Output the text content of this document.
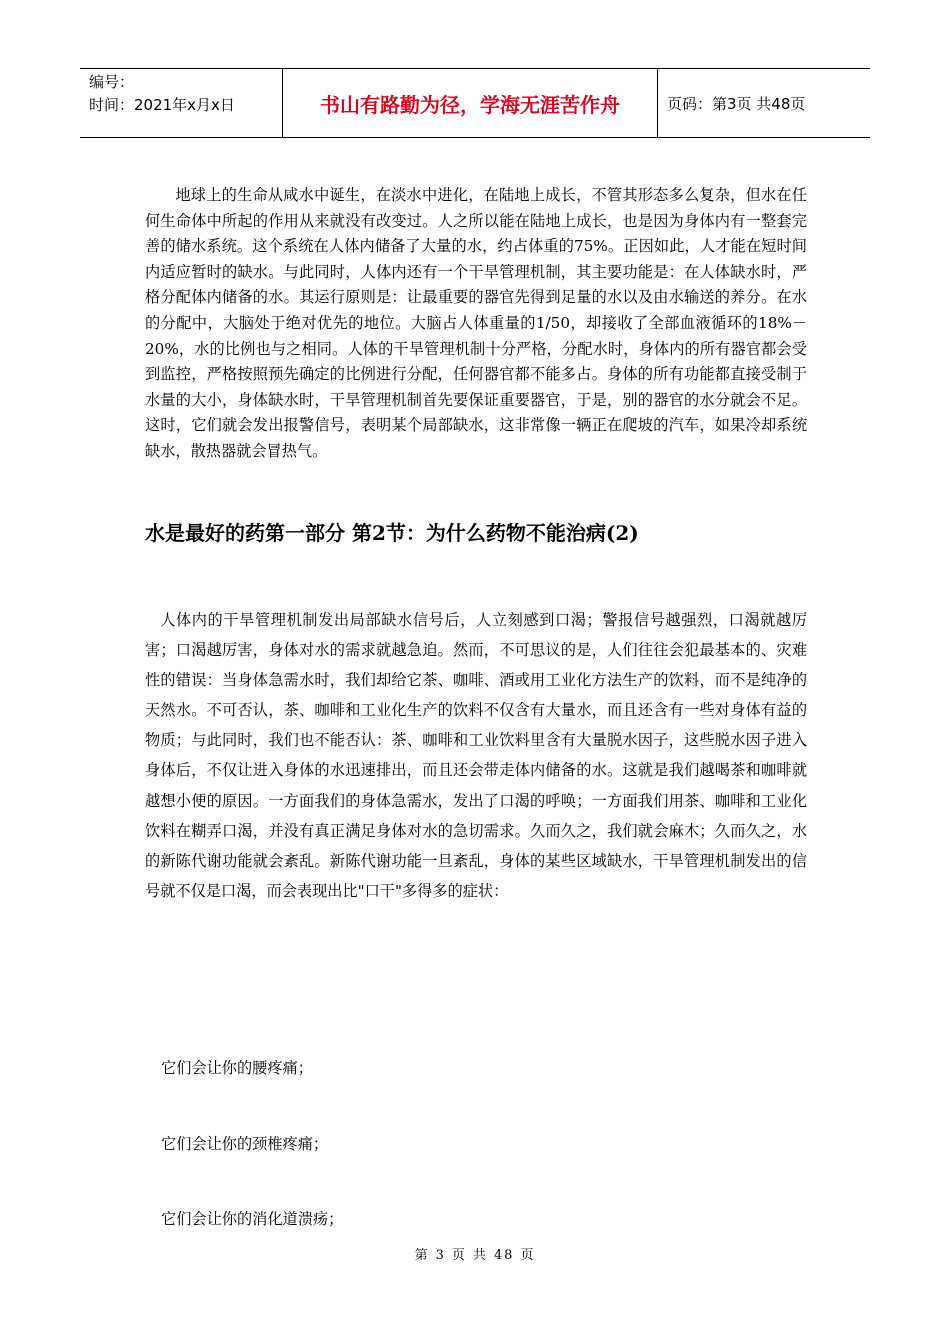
编号：
时间：2021年x月x日	书山有路勤为径，学海无涯苦作舟	页码：第3页 共48页

地球上的生命从咸水中诞生，在淡水中进化，在陆地上成长，不管其形态多么复杂，但水在任何生命体中所起的作用从来就没有改变过。人之所以能在陆地上成长，也是因为身体内有一整套完善的储水系统。这个系统在人体内储备了大量的水，约占体重的75%。正因如此，人才能在短时间内适应暂时的缺水。与此同时，人体内还有一个干旱管理机制，其主要功能是：在人体缺水时，严格分配体内储备的水。其运行原则是：让最重要的器官先得到足量的水以及由水输送的养分。在水的分配中，大脑处于绝对优先的地位。大脑占人体重量的1/50，却接收了全部血液循环的18%－20%，水的比例也与之相同。人体的干旱管理机制十分严格，分配水时，身体内的所有器官都会受到监控，严格按照预先确定的比例进行分配，任何器官都不能多占。身体的所有功能都直接受制于水量的大小，身体缺水时，干旱管理机制首先要保证重要器官，于是，别的器官的水分就会不足。这时，它们就会发出报警信号，表明某个局部缺水，这非常像一辆正在爬坡的汽车，如果冷却系统缺水，散热器就会冒热气。

水是最好的药第一部分 第2节：为什么药物不能治病(2)

人体内的干旱管理机制发出局部缺水信号后，人立刻感到口渴；警报信号越强烈，口渴就越厉害；口渴越厉害，身体对水的需求就越急迫。然而，不可思议的是，人们往往会犯最基本的、灾难性的错误：当身体急需水时，我们却给它茶、咖啡、酒或用工业化方法生产的饮料，而不是纯净的天然水。不可否认，茶、咖啡和工业化生产的饮料不仅含有大量水，而且还含有一些对身体有益的物质；与此同时，我们也不能否认：茶、咖啡和工业饮料里含有大量脱水因子，这些脱水因子进入身体后，不仅让进入身体的水迅速排出，而且还会带走体内储备的水。这就是我们越喝茶和咖啡就越想小便的原因。一方面我们的身体急需水，发出了口渴的呼唤；一方面我们用茶、咖啡和工业化饮料在糊弄口渴，并没有真正满足身体对水的急切需求。久而久之，我们就会麻木；久而久之，水的新陈代谢功能就会紊乱。新陈代谢功能一旦紊乱，身体的某些区域缺水，干旱管理机制发出的信号就不仅是口渴，而会表现出比"口干"多得多的症状：

它们会让你的腰疼痛；

它们会让你的颈椎疼痛；

它们会让你的消化道溃疡；

第 3 页 共 48 页
